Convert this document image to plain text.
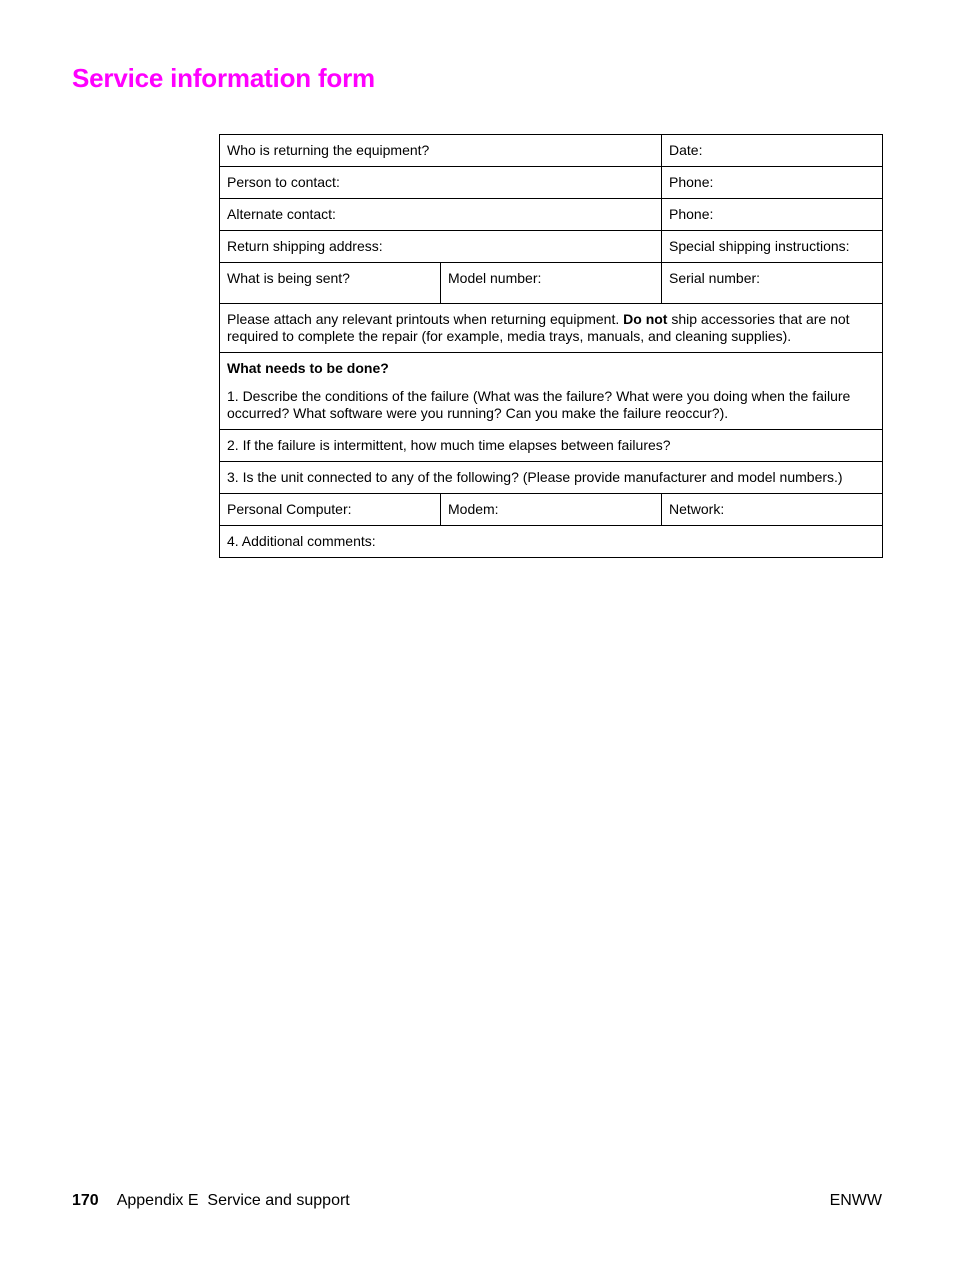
Service information form
Who is returning the equipment?		Date:
Person to contact:		Phone:
Alternate contact:		Phone:
Return shipping address:		Special shipping instructions:
What is being sent?	Model number:	Serial number:
Please attach any relevant printouts when returning equipment. Do not ship accessories that are not required to complete the repair (for example, media trays, manuals, and cleaning supplies).		

What needs to be done?
1. Describe the conditions of the failure (What was the failure? What were you doing when the failure occurred? What software were you running? Can you make the failure reoccur?).		
2. If the failure is intermittent, how much time elapses between failures?		
3. Is the unit connected to any of the following? (Please provide manufacturer and model numbers.)		
Personal Computer:	Modem:	Network:
4. Additional comments:		
170 Appendix E  Service and support	ENWW
